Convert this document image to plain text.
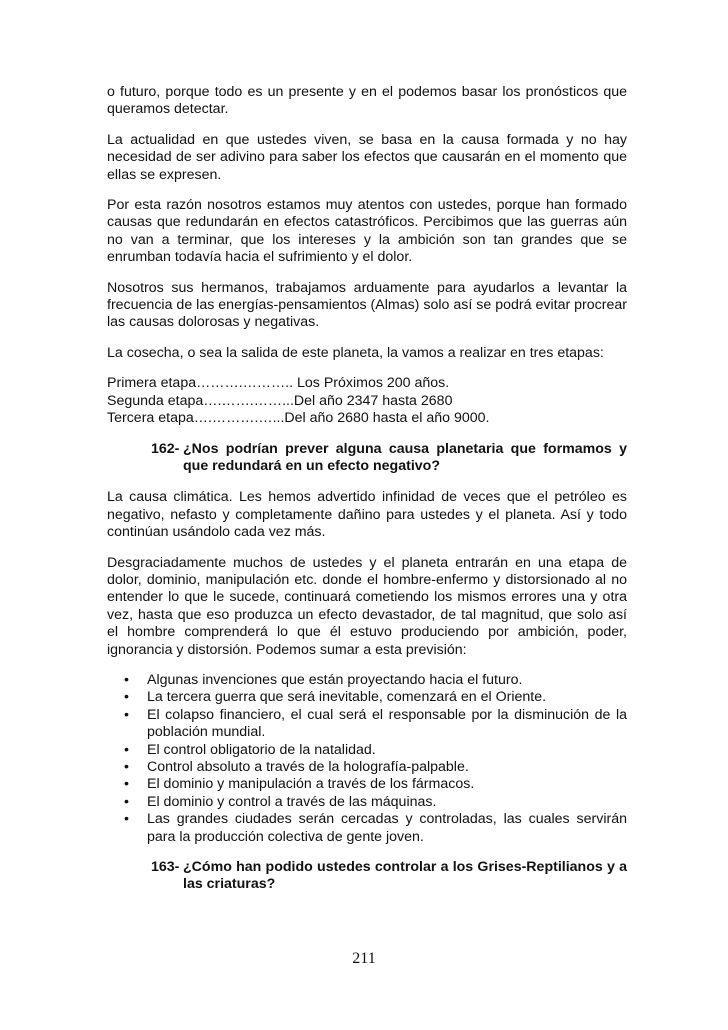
o futuro, porque todo es un presente y en el podemos basar los pronósticos que queramos detectar.

La actualidad en que ustedes viven, se basa en la causa formada y no hay necesidad de ser adivino para saber los efectos que causarán en el momento que ellas se expresen.

Por esta razón nosotros estamos muy atentos con ustedes, porque han formado causas que redundarán en efectos catastróficos. Percibimos que las guerras aún no van a terminar, que los intereses y la ambición son tan grandes que se enrumban todavía hacia el sufrimiento y el dolor.

Nosotros sus hermanos, trabajamos arduamente para ayudarlos a levantar la frecuencia de las energías-pensamientos (Almas) solo así se podrá evitar procrear las causas dolorosas y negativas.

La cosecha, o sea la salida de este planeta, la vamos a realizar en tres etapas:

Primera etapa……….……….. Los Próximos 200 años.
Segunda etapa….…….……...Del año 2347 hasta 2680
Tercera etapa….……….…...Del año 2680 hasta el año 9000.
162- ¿Nos podrían prever alguna causa planetaria que formamos y que redundará en un efecto negativo?

La causa climática. Les hemos advertido infinidad de veces que el petróleo es negativo, nefasto y completamente dañino para ustedes y el planeta. Así y todo continúan usándolo cada vez más.

Desgraciadamente muchos de ustedes y el planeta entrarán en una etapa de dolor, dominio, manipulación etc. donde el hombre-enfermo y distorsionado al no entender lo que le sucede, continuará cometiendo los mismos errores una y otra vez, hasta que eso produzca un efecto devastador, de tal magnitud, que solo así el hombre comprenderá lo que él estuvo produciendo por ambición, poder, ignorancia y distorsión. Podemos sumar a esta previsión:

• Algunas invenciones que están proyectando hacia el futuro.
• La tercera guerra que será inevitable, comenzará en el Oriente.
• El colapso financiero, el cual será el responsable por la disminución de la población mundial.
• El control obligatorio de la natalidad.
• Control absoluto a través de la holografía-palpable.
• El dominio y manipulación a través de los fármacos.
• El dominio y control a través de las máquinas.
• Las grandes ciudades serán cercadas y controladas, las cuales servirán para la producción colectiva de gente joven.
163- ¿Cómo han podido ustedes controlar a los Grises-Reptilianos y a las criaturas?
211
